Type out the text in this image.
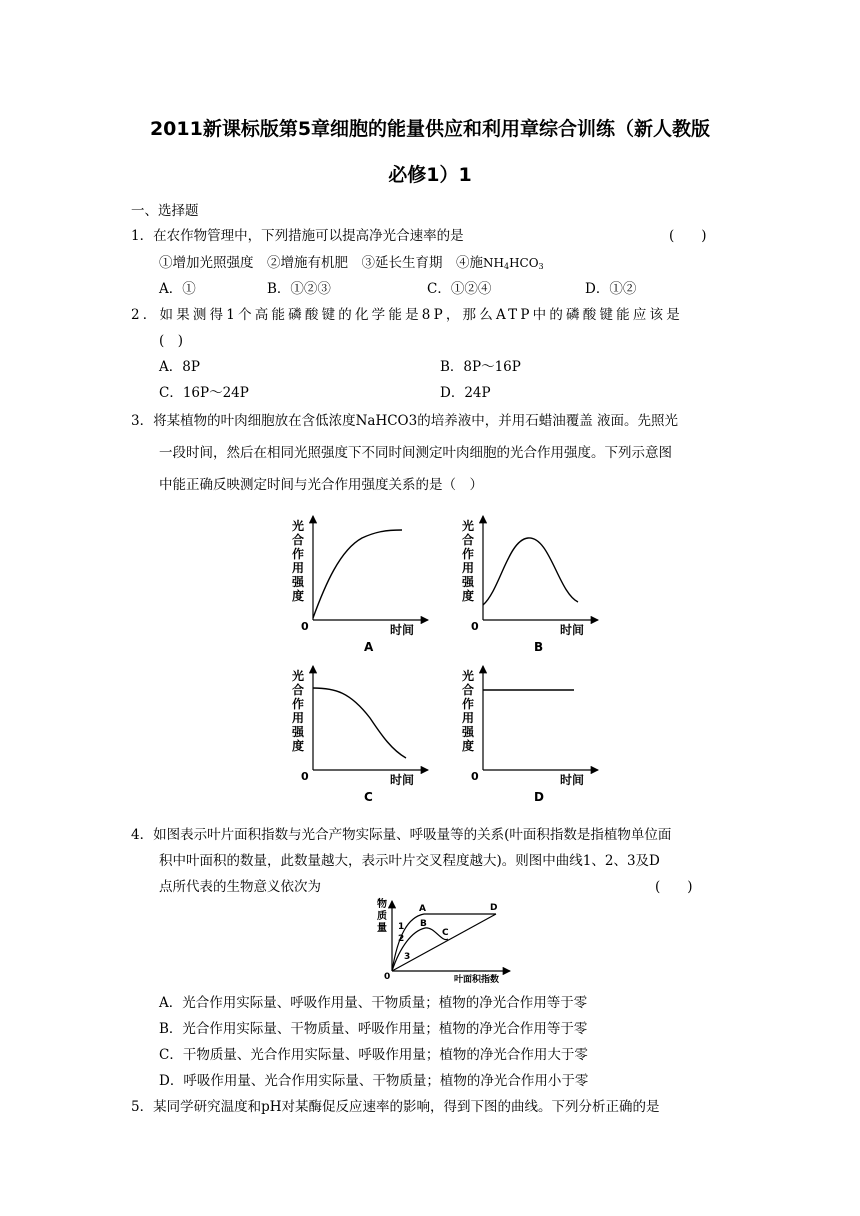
2011新课标版第5章细胞的能量供应和利用章综合训练（新人教版
必修1）1
一、选择题
1．在农作物管理中，下列措施可以提高净光合速率的是	(　　)
①增加光照强度　②增施有机肥　③延长生育期　④施$NH_4HCO_3$
A．①	B．①②③	C．①②④	D．①②
2．如果测得1个高能磷酸键的化学能是8P，那么ATP中的磷酸键能应该是
(　)
A．8P	B．8P～16P
C．16P～24P	D．24P
3．将某植物的叶肉细胞放在含低浓度NaHCO3的培养液中，并用石蜡油覆盖 液面。先照光
一段时间，然后在相同光照强度下不同时间测定叶肉细胞的光合作用强度。下列示意图
中能正确反映测定时间与光合作用强度关系的是（　）
光
合
作
用
强
度
0	时间
A
光
合
作
用
强
度
0	时间
B
光
合
作
用
强
度
0	时间
C
光
合
作
用
强
度
0	时间
D
4．如图表示叶片面积指数与光合产物实际量、呼吸量等的关系(叶面积指数是指植物单位面
积中叶面积的数量，此数量越大，表示叶片交叉程度越大)。则图中曲线1、2、3及D
点所代表的生物意义依次为	(　　)
物
质
量
0	叶面积指数
1
2
3
A
B
C
D
A．光合作用实际量、呼吸作用量、干物质量；植物的净光合作用等于零
B．光合作用实际量、干物质量、呼吸作用量；植物的净光合作用等于零
C．干物质量、光合作用实际量、呼吸作用量；植物的净光合作用大于零
D．呼吸作用量、光合作用实际量、干物质量；植物的净光合作用小于零
5．某同学研究温度和pH对某酶促反应速率的影响，得到下图的曲线。下列分析正确的是
